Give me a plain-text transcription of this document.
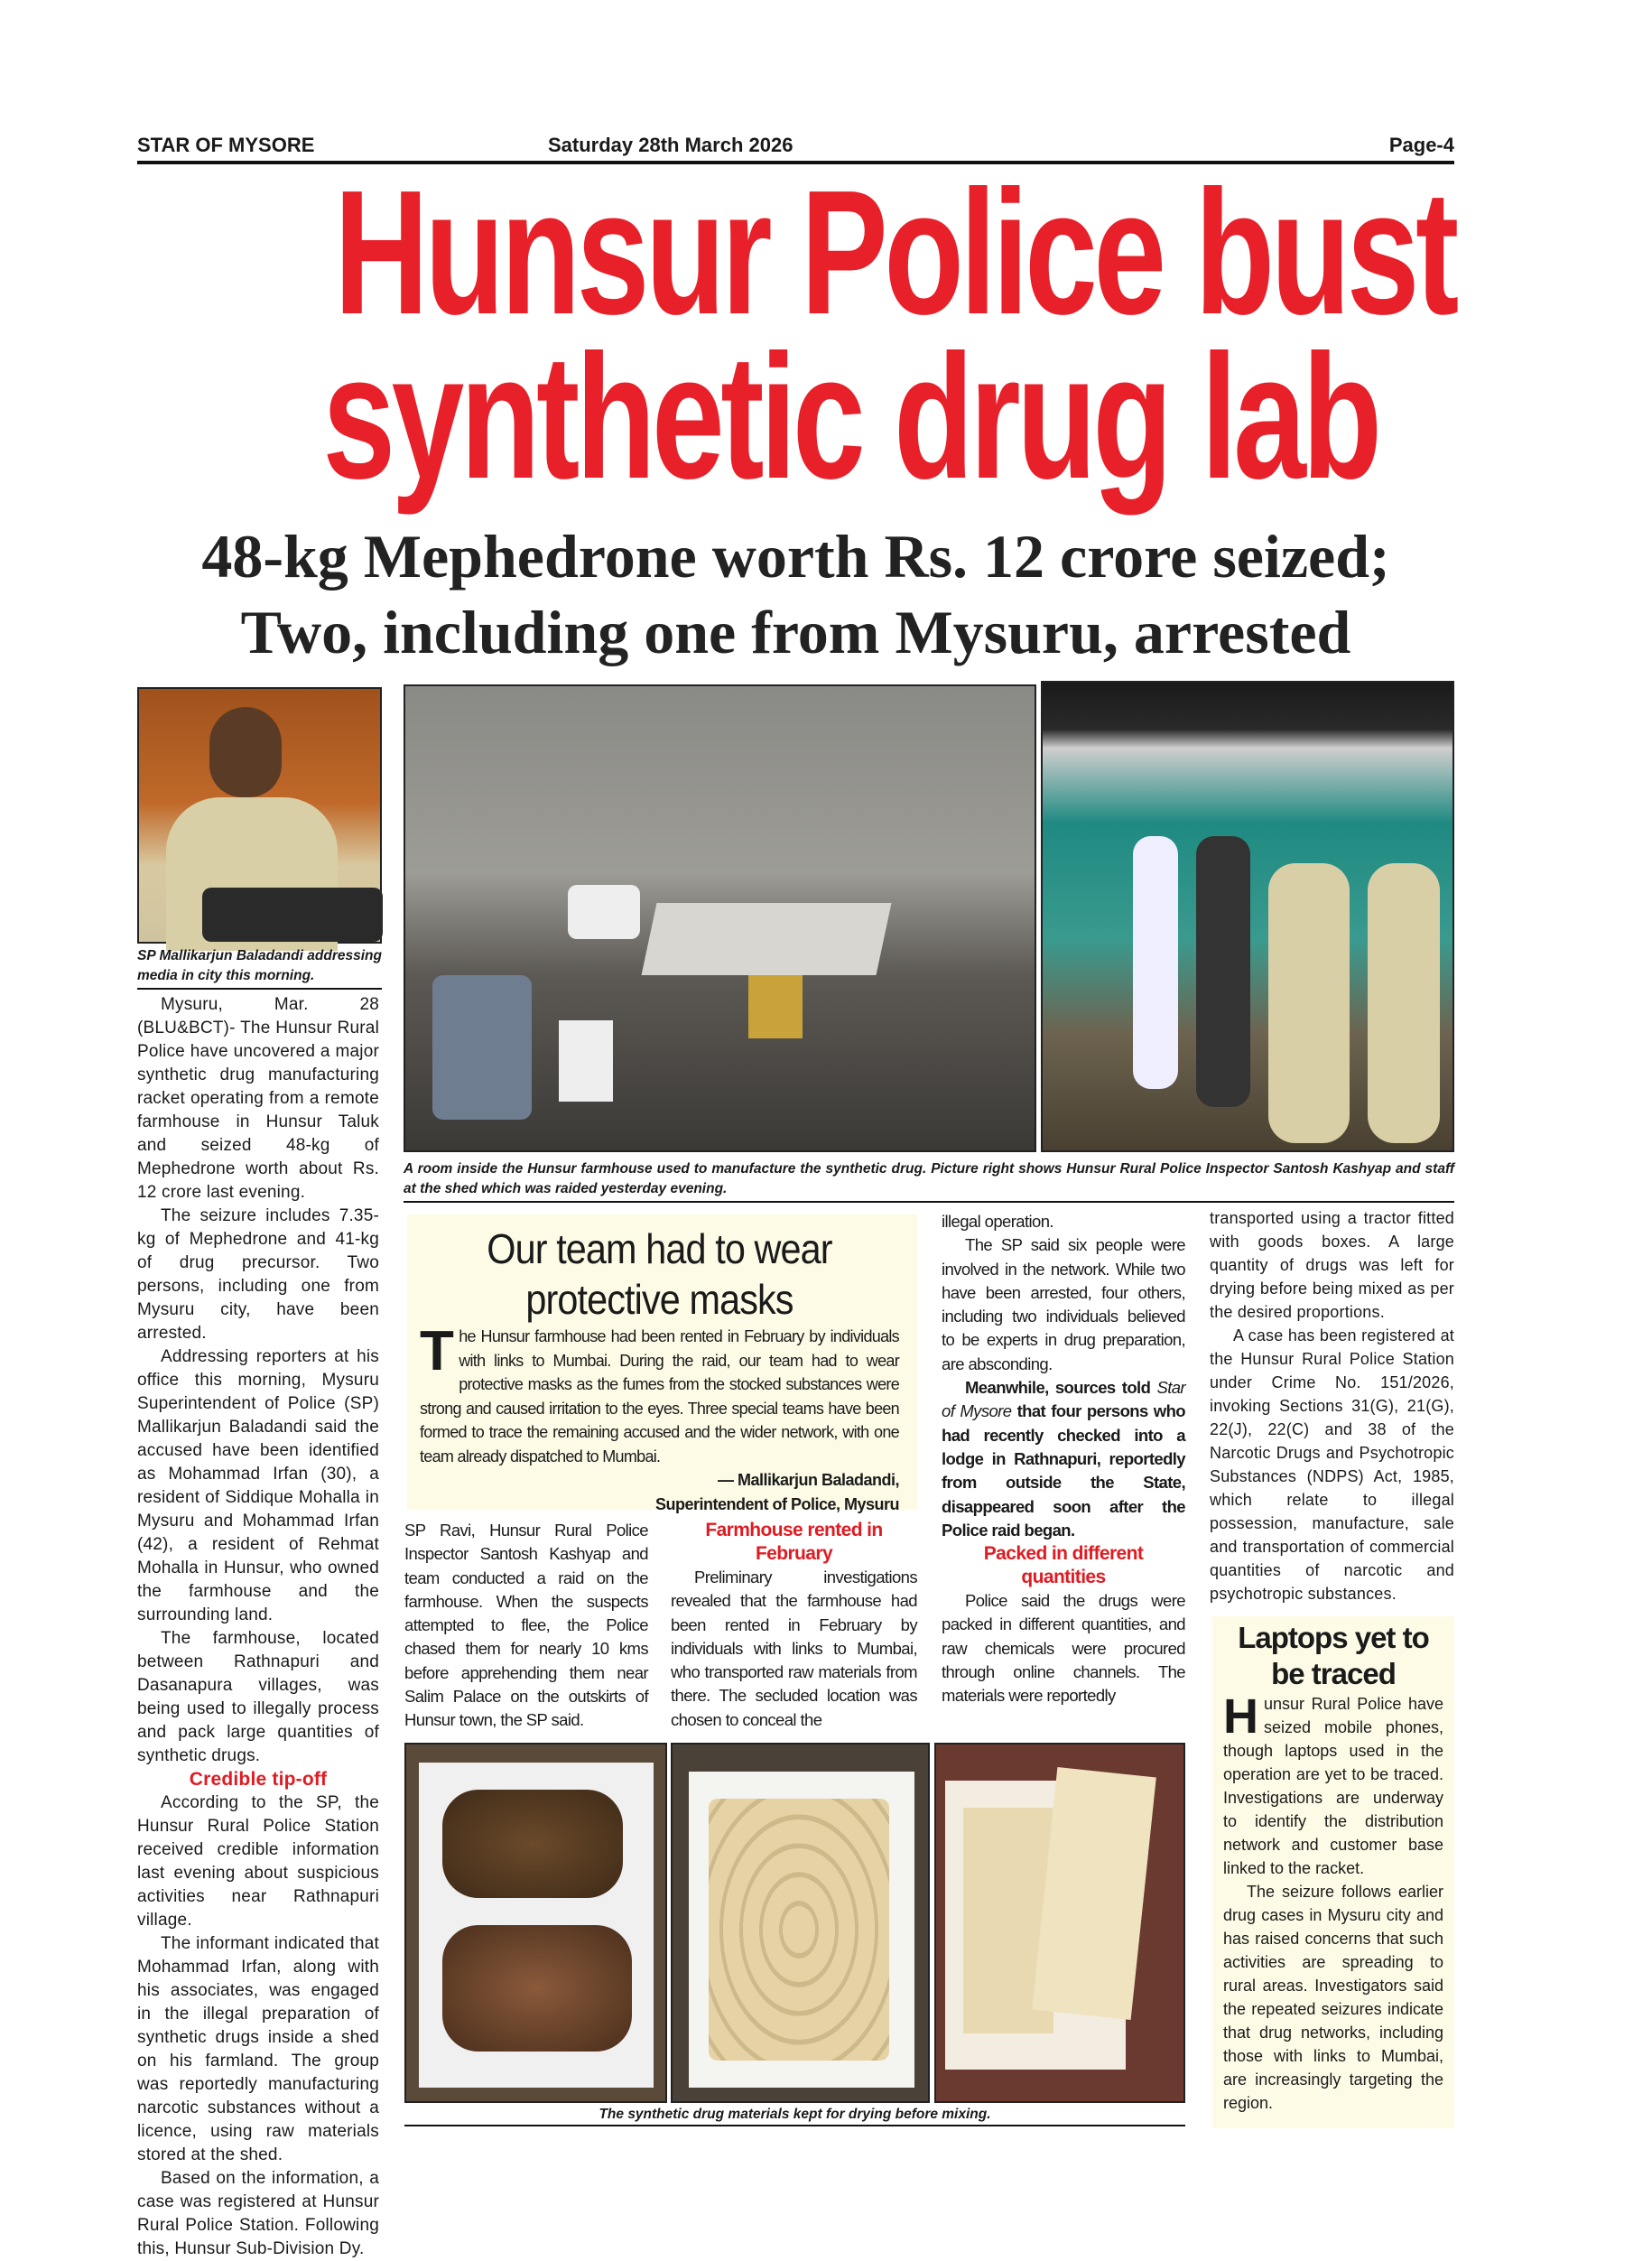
STAR OF MYSORE	Saturday 28th March 2026	Page-4
Hunsur Police bust
synthetic drug lab
48-kg Mephedrone worth Rs. 12 crore seized;
Two, including one from Mysuru, arrested
SP Mallikarjun Baladandi addressing media in city this morning.
A room inside the Hunsur farmhouse used to manufacture the synthetic drug. Picture right shows Hunsur Rural Police Inspector Santosh Kashyap and staff at the shed which was raided yesterday evening.

Mysuru, Mar. 28 (BLU&BCT)- The Hunsur Rural Police have uncovered a major synthetic drug manufacturing racket operating from a remote farmhouse in Hunsur Taluk and seized 48-kg of Mephedrone worth about Rs. 12 crore last evening.

The seizure includes 7.35-kg of Mephedrone and 41-kg of drug precursor. Two persons, including one from Mysuru city, have been arrested.

Addressing reporters at his office this morning, Mysuru Superintendent of Police (SP) Mallikarjun Baladandi said the accused have been identified as Mohammad Irfan (30), a resident of Siddique Mohalla in Mysuru and Mohammad Irfan (42), a resident of Rehmat Mohalla in Hunsur, who owned the farmhouse and the surrounding land.

The farmhouse, located between Rathnapuri and Dasanapura villages, was being used to illegally process and pack large quantities of synthetic drugs.

Credible tip-off

According to the SP, the Hunsur Rural Police Station received credible information last evening about suspicious activities near Rathnapuri village.

The informant indicated that Mohammad Irfan, along with his associates, was engaged in the illegal preparation of synthetic drugs inside a shed on his farmland. The group was reportedly manufacturing narcotic substances without a licence, using raw materials stored at the shed.

Based on the information, a case was registered at Hunsur Rural Police Station. Following this, Hunsur Sub-Division Dy.

Our team had to wear protective masks
The Hunsur farmhouse had been rented in February by individuals with links to Mumbai. During the raid, our team had to wear protective masks as the fumes from the stocked substances were strong and caused irritation to the eyes. Three special teams have been formed to trace the remaining accused and the wider network, with one team already dispatched to Mumbai.
— Mallikarjun Baladandi,
Superintendent of Police, Mysuru

SP Ravi, Hunsur Rural Police Inspector Santosh Kashyap and team conducted a raid on the farmhouse. When the suspects attempted to flee, the Police chased them for nearly 10 kms before apprehending them near Salim Palace on the outskirts of Hunsur town, the SP said.

Farmhouse rented in February

Preliminary investigations revealed that the farmhouse had been rented in February by individuals with links to Mumbai, who transported raw materials from there. The secluded location was chosen to conceal the

illegal operation.

The SP said six people were involved in the network. While two have been arrested, four others, including two individuals believed to be experts in drug preparation, are absconding.

Meanwhile, sources told Star of Mysore that four persons who had recently checked into a lodge in Rathnapuri, reportedly from outside the State, disappeared soon after the Police raid began.

Packed in different quantities

Police said the drugs were packed in different quantities, and raw chemicals were procured through online channels. The materials were reportedly

transported using a tractor fitted with goods boxes. A large quantity of drugs was left for drying before being mixed as per the desired proportions.

A case has been registered at the Hunsur Rural Police Station under Crime No. 151/2026, invoking Sections 31(G), 21(G), 22(J), 22(C) and 38 of the Narcotic Drugs and Psychotropic Substances (NDPS) Act, 1985, which relate to illegal possession, manufacture, sale and transportation of commercial quantities of narcotic and psychotropic substances.

Laptops yet to be traced
Hunsur Rural Police have seized mobile phones, though laptops used in the operation are yet to be traced. Investigations are underway to identify the distribution network and customer base linked to the racket.
The seizure follows earlier drug cases in Mysuru city and has raised concerns that such activities are spreading to rural areas. Investigators said the repeated seizures indicate that drug networks, including those with links to Mumbai, are increasingly targeting the region.
The synthetic drug materials kept for drying before mixing.
